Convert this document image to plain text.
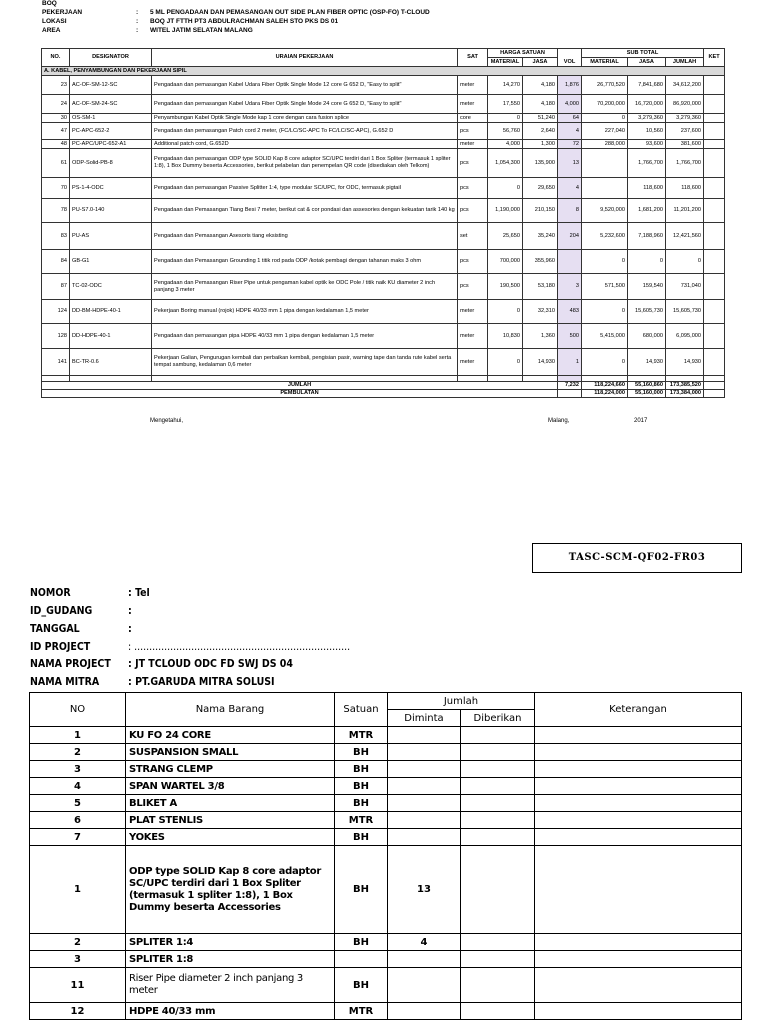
BOQ
PEKERJAAN	: 5 ML PENGADAAN DAN PEMASANGAN OUT SIDE PLAN FIBER OPTIC (OSP-FO) T-CLOUD
LOKASI	: BOQ JT FTTH PT3 ABDULRACHMAN SALEH STO PKS DS 01
AREA	: WITEL JATIM SELATAN MALANG
NO.	DESIGNATOR	URAIAN PEKERJAAN	SAT	HARGA SATUAN		VOL	SUB TOTAL			KET
				MATERIAL	JASA		MATERIAL	JASA	JUMLAH	
A. KABEL, PENYAMBUNGAN DAN PEKERJAAN SIPIL										
23	AC-OF-SM-12-SC	Pengadaan dan pemasangan Kabel Udara Fiber Optik Single Mode 12 core G 652 D, "Easy to split"	meter	14,270	4,180	1,876	26,770,520	7,841,680	34,612,200	
24	AC-OF-SM-24-SC	Pengadaan dan pemasangan Kabel Udara Fiber Optik Single Mode 24 core G 652 D, "Easy to split"	meter	17,550	4,180	4,000	70,200,000	16,720,000	86,920,000	
30	OS-SM-1	Penyambungan Kabel Optik Single Mode kap 1 core dengan cara fusion splice	core	0	51,240	64	0	3,279,360	3,279,360	
47	PC-APC-652-2	Pengadaan dan pemasangan Patch cord 2 meter, (FC/LC/SC-APC To FC/LC/SC-APC), G.652 D	pcs	56,760	2,640	4	227,040	10,560	237,600	
48	PC-APC/UPC-652-A1	Additional patch cord, G.652D	meter	4,000	1,300	72	288,000	93,600	381,600	
61	ODP-Solid-PB-8	Pengadaan dan pemasangan ODP type SOLID Kap 8 core adaptor SC/UPC terdiri dari 1 Box Spliter (termasuk 1 spliter 1:8), 1 Box Dummy beserta Accessories, berikut pelabelan dan penempelan QR code (disediakan oleh Telkom)	pcs	1,054,300	135,900	13		1,766,700	1,766,700	
70	PS-1-4-ODC	Pengadaan dan pemasangan Passive Splitter 1:4, type modular SC/UPC, for ODC, termasuk pigtail	pcs	0	29,650	4		118,600	118,600	
78	PU-S7.0-140	Pengadaan dan Pemasangan Tiang Besi 7 meter, berikut cat & cor pondasi dan assesories dengan kekuatan tarik 140 kg	pcs	1,190,000	210,150	8	9,520,000	1,681,200	11,201,200	
83	PU-AS	Pengadaan dan Pemasangan Asesoris tiang eksisting	set	25,650	35,240	204	5,232,600	7,188,960	12,421,560	
84	GB-G1	Pengadaan dan Pemasangan Grounding 1 titik rod pada ODP /kotak pembagi dengan tahanan maks 3 ohm	pcs	700,000	355,960		0	0	0	
87	TC-02-ODC	Pengadaan dan Pemasangan Riser Pipe untuk pengaman kabel optik ke ODC Pole / titik naik KU diameter 2 inch panjang 3 meter	pcs	190,500	53,180	3	571,500	159,540	731,040	
124	DD-BM-HDPE-40-1	Pekerjaan Boring manual (rojok) HDPE 40/33 mm 1 pipa dengan kedalaman 1,5 meter	meter	0	32,310	483	0	15,605,730	15,605,730	
128	DD-HDPE-40-1	Pengadaan dan pemasangan pipa HDPE 40/33 mm 1 pipa dengan kedalaman 1,5 meter	meter	10,830	1,360	500	5,415,000	680,000	6,095,000	
141	BC-TR-0.6	Pekerjaan Galian, Pengurugan kembali dan perbaikan kembali, pengisian pasir, warning tape dan tanda rute kabel serta tempat sambung, kedalaman 0,6 meter	meter	0	14,930	1	0	14,930	14,930	

JUMLAH						7,232	118,224,660	55,160,860	173,385,520	
PEMBULATAN							118,224,000	55,160,000	173,384,000	
Mengetahui,	Malang,	2017
TASC-SCM-QF02-FR03
NOMOR	: Tel
ID_GUDANG	:
TANGGAL	:
ID PROJECT	: ........................................................................
NAMA PROJECT	: JT TCLOUD ODC FD SWJ DS 04
NAMA MITRA	: PT.GARUDA MITRA SOLUSI
NO	Nama Barang	Satuan	Jumlah		Keterangan
			Diminta	Diberikan	
1	KU FO 24 CORE	MTR			
2	SUSPANSION SMALL	BH			
3	STRANG CLEMP	BH			
4	SPAN WARTEL 3/8	BH			
5	BLIKET A	BH			
6	PLAT STENLIS	MTR			
7	YOKES	BH			
1	ODP type SOLID Kap 8 core adaptor SC/UPC terdiri dari 1 Box Spliter (termasuk 1 spliter 1:8), 1 Box Dummy beserta Accessories	BH	13		
2	SPLITER 1:4	BH	4		
3	SPLITER 1:8				
11	Riser Pipe diameter 2 inch panjang 3 meter	BH			
12	HDPE 40/33 mm	MTR			
